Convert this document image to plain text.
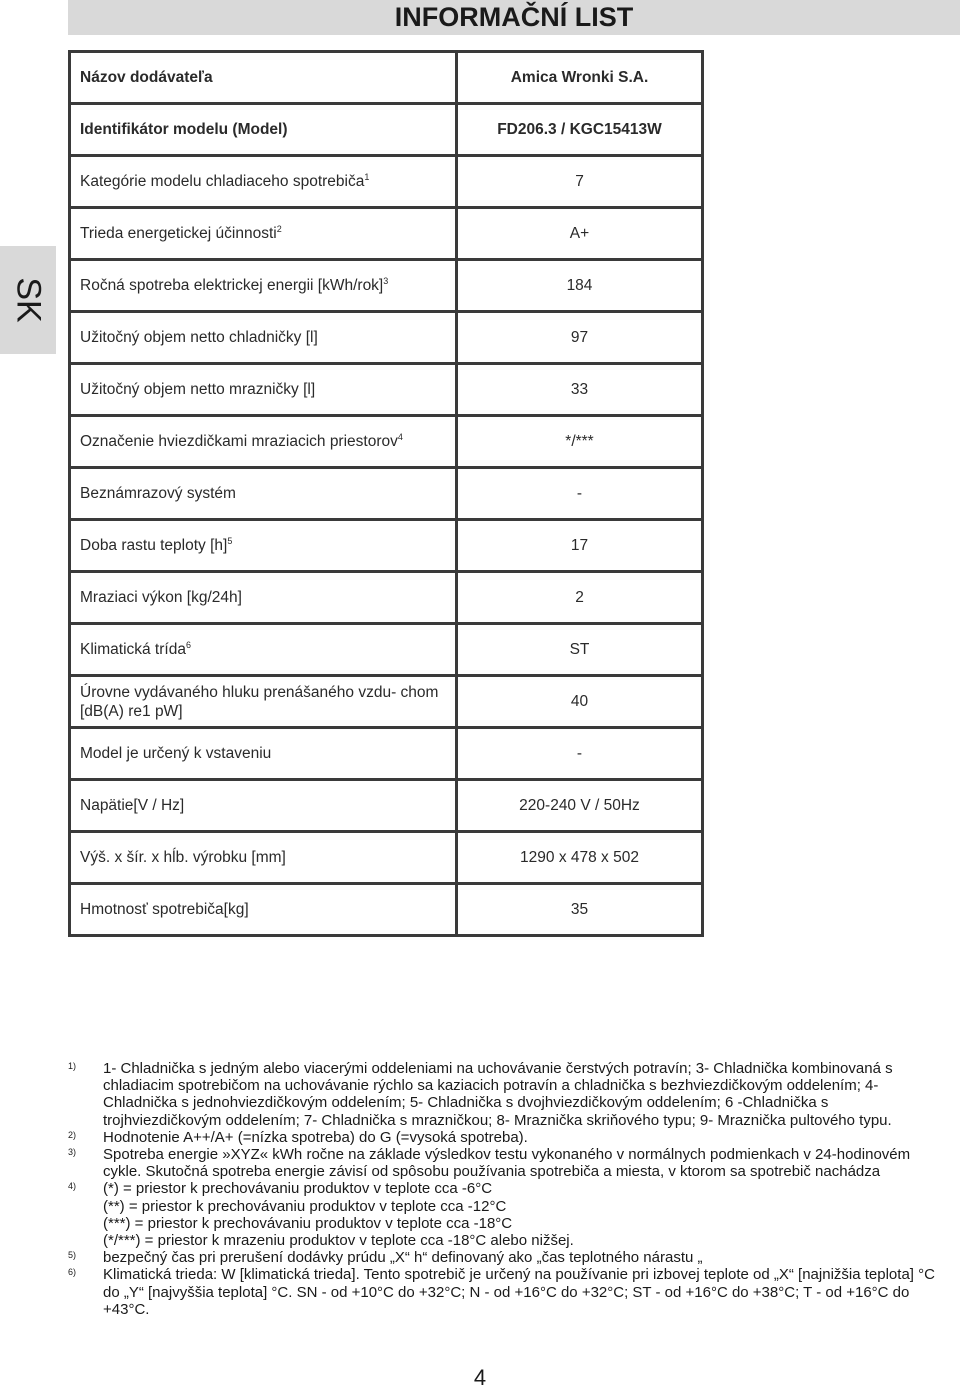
INFORMAČNÍ LIST
SK
Názov dodávateľa	Amica Wronki S.A.

Identifikátor modelu (Model)	FD206.3 / KGC15413W
Kategórie modelu chladiaceho spotrebiča$^1$	7
Trieda energetickej účinnosti$^2$	A+
Ročná spotreba elektrickej energii $[kWh/rok]^3$	184

Užitočný objem netto chladničky [l]	97

Užitočný objem netto mrazničky [l]	33
Označenie hviezdičkami mraziacich priestorov$^4$	*/***

Beznámrazový systém	-
Doba rastu teploty $[h]^5$	17

Mraziaci výkon [kg/24h]	2
Klimatická trída$^6$	ST

Úrovne vydávaného hluku prenášaného vzdu- chom [dB(A) re1 pW]	40

Model je určený k vstaveniu	-

Napätie[V / Hz]	220-240 V / 50Hz

Výš. x šír. x hĺb. výrobku [mm]	1290 x 478 x 502

Hmotnosť spotrebiča[kg]	35
1)	1- Chladnička s jedným alebo viacerými oddeleniami na uchovávanie čerstvých potravín; 3- Chladnička kombinovaná s chladiacim spotrebičom na uchovávanie rýchlo sa kaziacich potravín a chladnička s bezhviezdičkovým oddelením; 4- Chladnička s jednohviezdičkovým oddelením; 5- Chladnička s dvojhviezdičkovým oddelením; 6 -Chladnička s trojhviezdičkovým oddelením; 7- Chladnička s mrazničkou; 8- Mraznička skriňového typu; 9- Mraznička pultového typu.
2)	Hodnotenie A++/A+ (=nízka spotreba) do G (=vysoká spotreba).
3)	Spotreba energie »XYZ« kWh ročne na základe výsledkov testu vykonaného v normálnych podmienkach v 24-hodinovém cykle. Skutočná spotreba energie závisí od spôsobu používania spotrebiča a miesta, v ktorom sa spotrebič nachádza
4)	(*) = priestor k prechovávaniu produktov v teplote cca -6°C
(**) = priestor k prechovávaniu produktov v teplote cca -12°C
(***) = priestor k prechovávaniu produktov v teplote cca -18°C
(*/***) = priestor k mrazeniu produktov v teplote cca -18°C alebo nižšej.
5)	bezpečný čas pri prerušení dodávky prúdu „X“ h“ definovaný ako „čas teplotného nárastu „
6)	Klimatická trieda: W [klimatická trieda]. Tento spotrebič je určený na používanie pri izbovej teplote od „X“ [najnižšia teplota] °C do „Y“ [najvyššia teplota] °C. SN - od +10°C do +32°C; N - od +16°C do +32°C; ST - od +16°C do +38°C; T - od +16°C do +43°C.
4
